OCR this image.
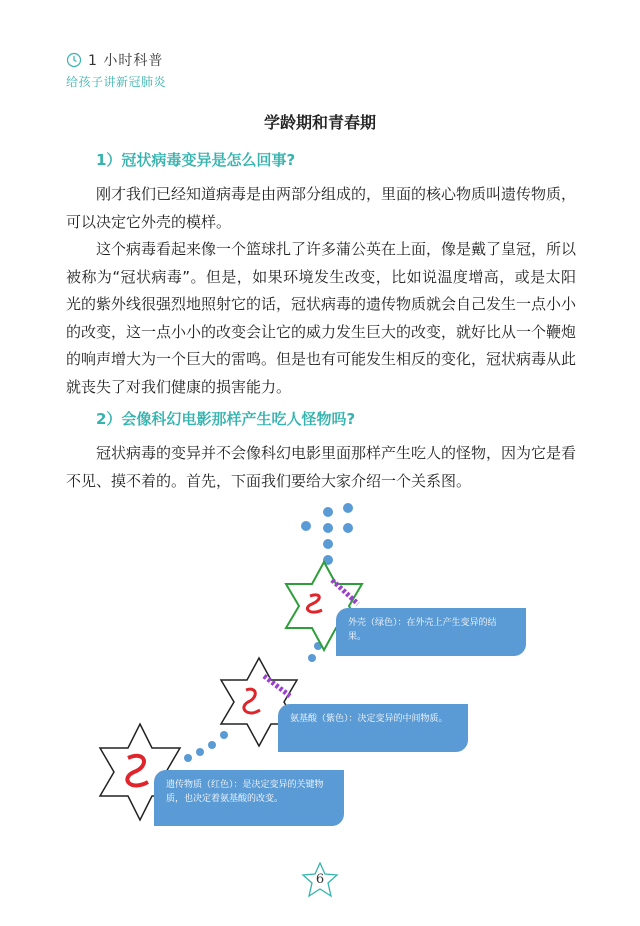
1 小时科普
给孩子讲新冠肺炎
学龄期和青春期
1）冠状病毒变异是怎么回事?

刚才我们已经知道病毒是由两部分组成的，里面的核心物质叫遗传物质，可以决定它外壳的模样。

这个病毒看起来像一个篮球扎了许多蒲公英在上面，像是戴了皇冠，所以被称为“冠状病毒”。但是，如果环境发生改变，比如说温度增高，或是太阳光的紫外线很强烈地照射它的话，冠状病毒的遗传物质就会自己发生一点小小的改变，这一点小小的改变会让它的威力发生巨大的改变，就好比从一个鞭炮的响声增大为一个巨大的雷鸣。但是也有可能发生相反的变化，冠状病毒从此就丧失了对我们健康的损害能力。

2）会像科幻电影那样产生吃人怪物吗?

冠状病毒的变异并不会像科幻电影里面那样产生吃人的怪物，因为它是看不见、摸不着的。首先，下面我们要给大家介绍一个关系图。

外壳（绿色）：在外壳上产生变异的结果。
氨基酸（紫色）：决定变异的中间物质。
遗传物质（红色）：是决定变异的关键物质，也决定着氨基酸的改变。
6
